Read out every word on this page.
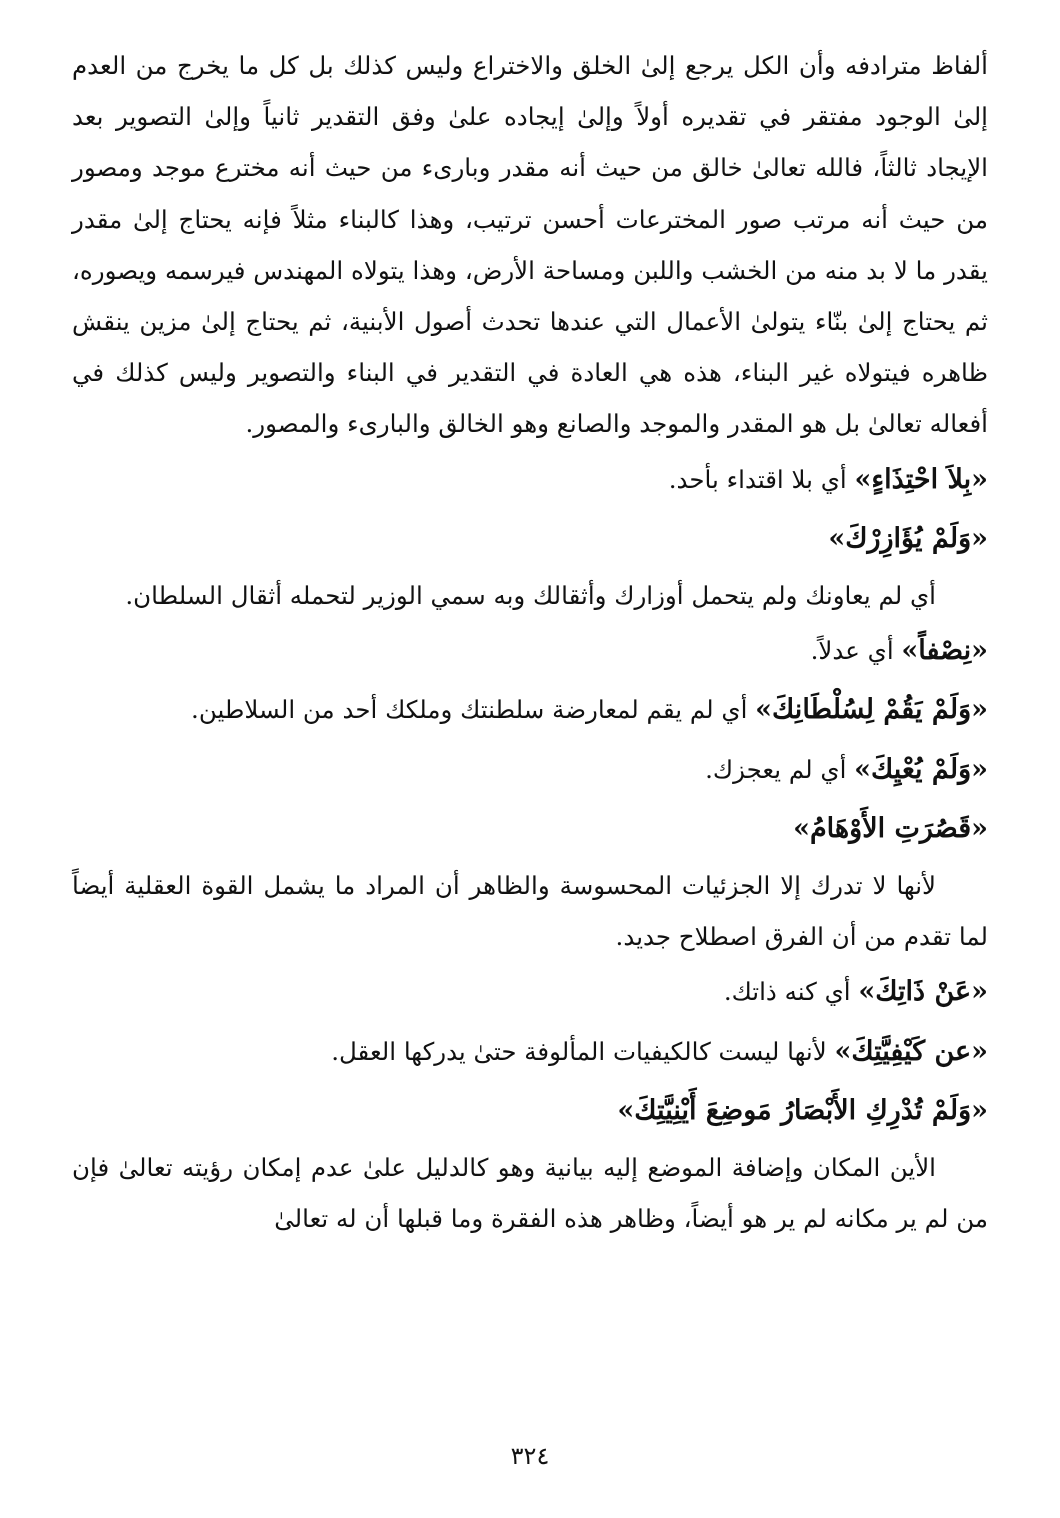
ألفاظ مترادفه وأن الكل يرجع إلىٰ الخلق والاختراع وليس كذلك بل كل ما يخرج من العدم إلىٰ الوجود مفتقر في تقديره أولاً وإلىٰ إيجاده علىٰ وفق التقدير ثانياً وإلىٰ التصوير بعد الإيجاد ثالثاً، فالله تعالىٰ خالق من حيث أنه مقدر وبارىء من حيث أنه مخترع موجد ومصور من حيث أنه مرتب صور المخترعات أحسن ترتيب، وهذا كالبناء مثلاً فإنه يحتاج إلىٰ مقدر يقدر ما لا بد منه من الخشب واللبن ومساحة الأرض، وهذا يتولاه المهندس فيرسمه ويصوره، ثم يحتاج إلىٰ بنّاء يتولىٰ الأعمال التي عندها تحدث أصول الأبنية، ثم يحتاج إلىٰ مزين ينقش ظاهره فيتولاه غير البناء، هذه هي العادة في التقدير في البناء والتصوير وليس كذلك في أفعاله تعالىٰ بل هو المقدر والموجد والصانع وهو الخالق والبارىء والمصور.

«بِلاَ احْتِذَاءٍ» أي بلا اقتداء بأحد.

«وَلَمْ يُؤَازِرْكَ»

أي لم يعاونك ولم يتحمل أوزارك وأثقالك وبه سمي الوزير لتحمله أثقال السلطان.

«نِصْفاً» أي عدلاً.

«وَلَمْ يَقُمْ لِسُلْطَانِكَ» أي لم يقم لمعارضة سلطنتك وملكك أحد من السلاطين.

«وَلَمْ يُعْيِكَ» أي لم يعجزك.

«قَصُرَتِ الأَوْهَامُ»

لأنها لا تدرك إلا الجزئيات المحسوسة والظاهر أن المراد ما يشمل القوة العقلية أيضاً لما تقدم من أن الفرق اصطلاح جديد.

«عَنْ ذَاتِكَ» أي كنه ذاتك.

«عن كَيْفِيَّتِكَ» لأنها ليست كالكيفيات المألوفة حتىٰ يدركها العقل.

«وَلَمْ تُدْرِكِ الأَبْصَارُ مَوضِعَ أَيْنِيَّتِكَ»

الأين المكان وإضافة الموضع إليه بيانية وهو كالدليل علىٰ عدم إمكان رؤيته تعالىٰ فإن من لم ير مكانه لم ير هو أيضاً، وظاهر هذه الفقرة وما قبلها أن له تعالىٰ

٣٢٤
